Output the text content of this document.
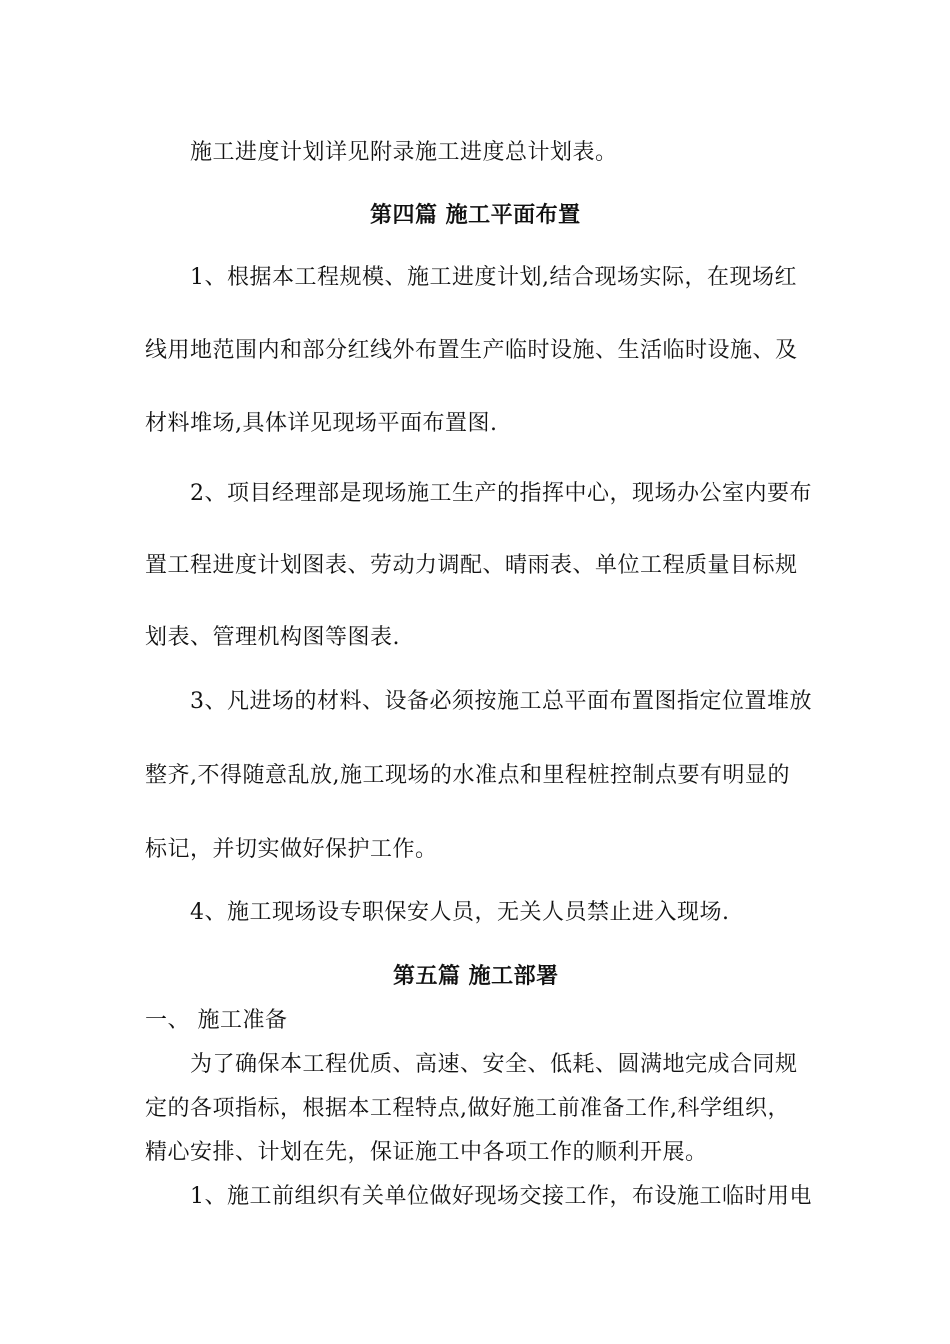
施工进度计划详见附录施工进度总计划表。
第四篇 施工平面布置
1、根据本工程规模、施工进度计划,结合现场实际，在现场红
线用地范围内和部分红线外布置生产临时设施、生活临时设施、及
材料堆场,具体详见现场平面布置图.
2、项目经理部是现场施工生产的指挥中心，现场办公室内要布
置工程进度计划图表、劳动力调配、晴雨表、单位工程质量目标规
划表、管理机构图等图表.
3、凡进场的材料、设备必须按施工总平面布置图指定位置堆放
整齐,不得随意乱放,施工现场的水准点和里程桩控制点要有明显的
标记，并切实做好保护工作。
4、施工现场设专职保安人员，无关人员禁止进入现场.
第五篇 施工部署
一、 施工准备
为了确保本工程优质、高速、安全、低耗、圆满地完成合同规
定的各项指标，根据本工程特点,做好施工前准备工作,科学组织，
精心安排、计划在先，保证施工中各项工作的顺利开展。
1、施工前组织有关单位做好现场交接工作，布设施工临时用电
